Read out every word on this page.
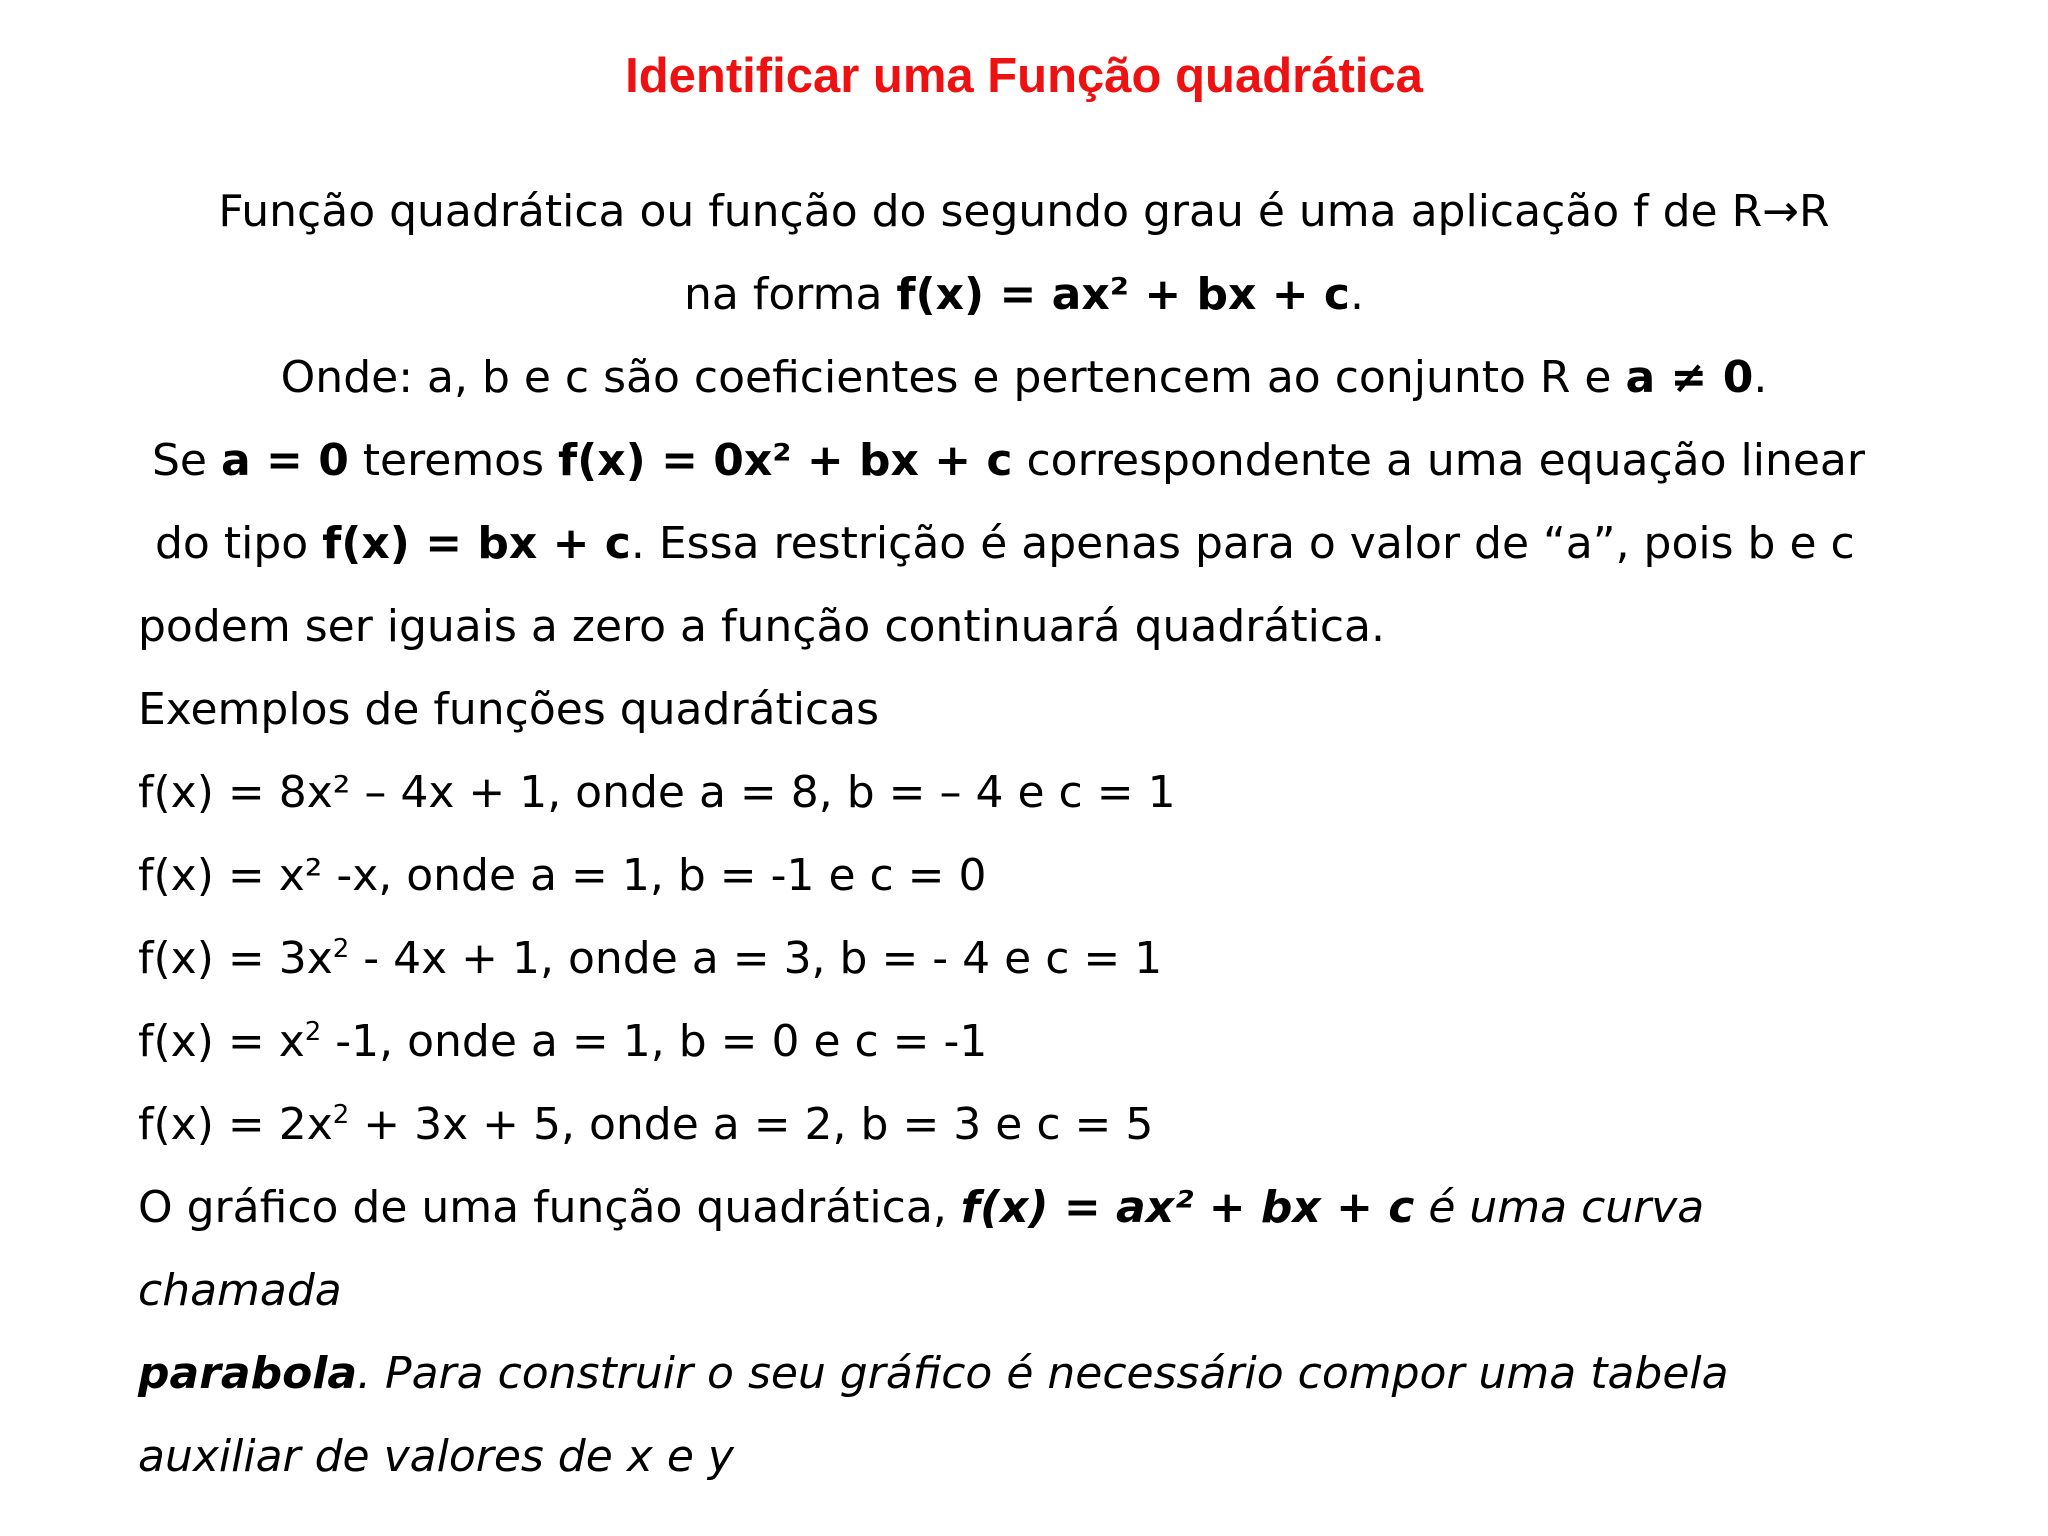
Identificar uma Função quadrática
Função quadrática ou função do segundo grau é uma aplicação f de R→R
na forma f(x) = ax² + bx + c.
Onde: a, b e c são coeficientes e pertencem ao conjunto R e a ≠ 0.
Se a = 0 teremos f(x) = 0x² + bx + c correspondente a uma equação linear
do tipo f(x) = bx + c. Essa restrição é apenas para o valor de “a”, pois b e c
podem ser iguais a zero a função continuará quadrática.
Exemplos de funções quadráticas
f(x) = 8x² – 4x + 1, onde a = 8, b = – 4 e c = 1
f(x) = x² -x, onde a = 1, b = -1 e c = 0
$f(x) = 3x^2 - 4x + 1$, onde a = 3, b = - 4 e c = 1
$f(x) = x^2$ -1, onde a = 1, b = 0 e c = -1
$f(x) = 2x^2 + 3x + 5$, onde a = 2, b = 3 e c = 5
O gráfico de uma função quadrática, f(x) = ax² + bx + c é uma curva
chamada
parabola. Para construir o seu gráfico é necessário compor uma tabela
auxiliar de valores de x e y
